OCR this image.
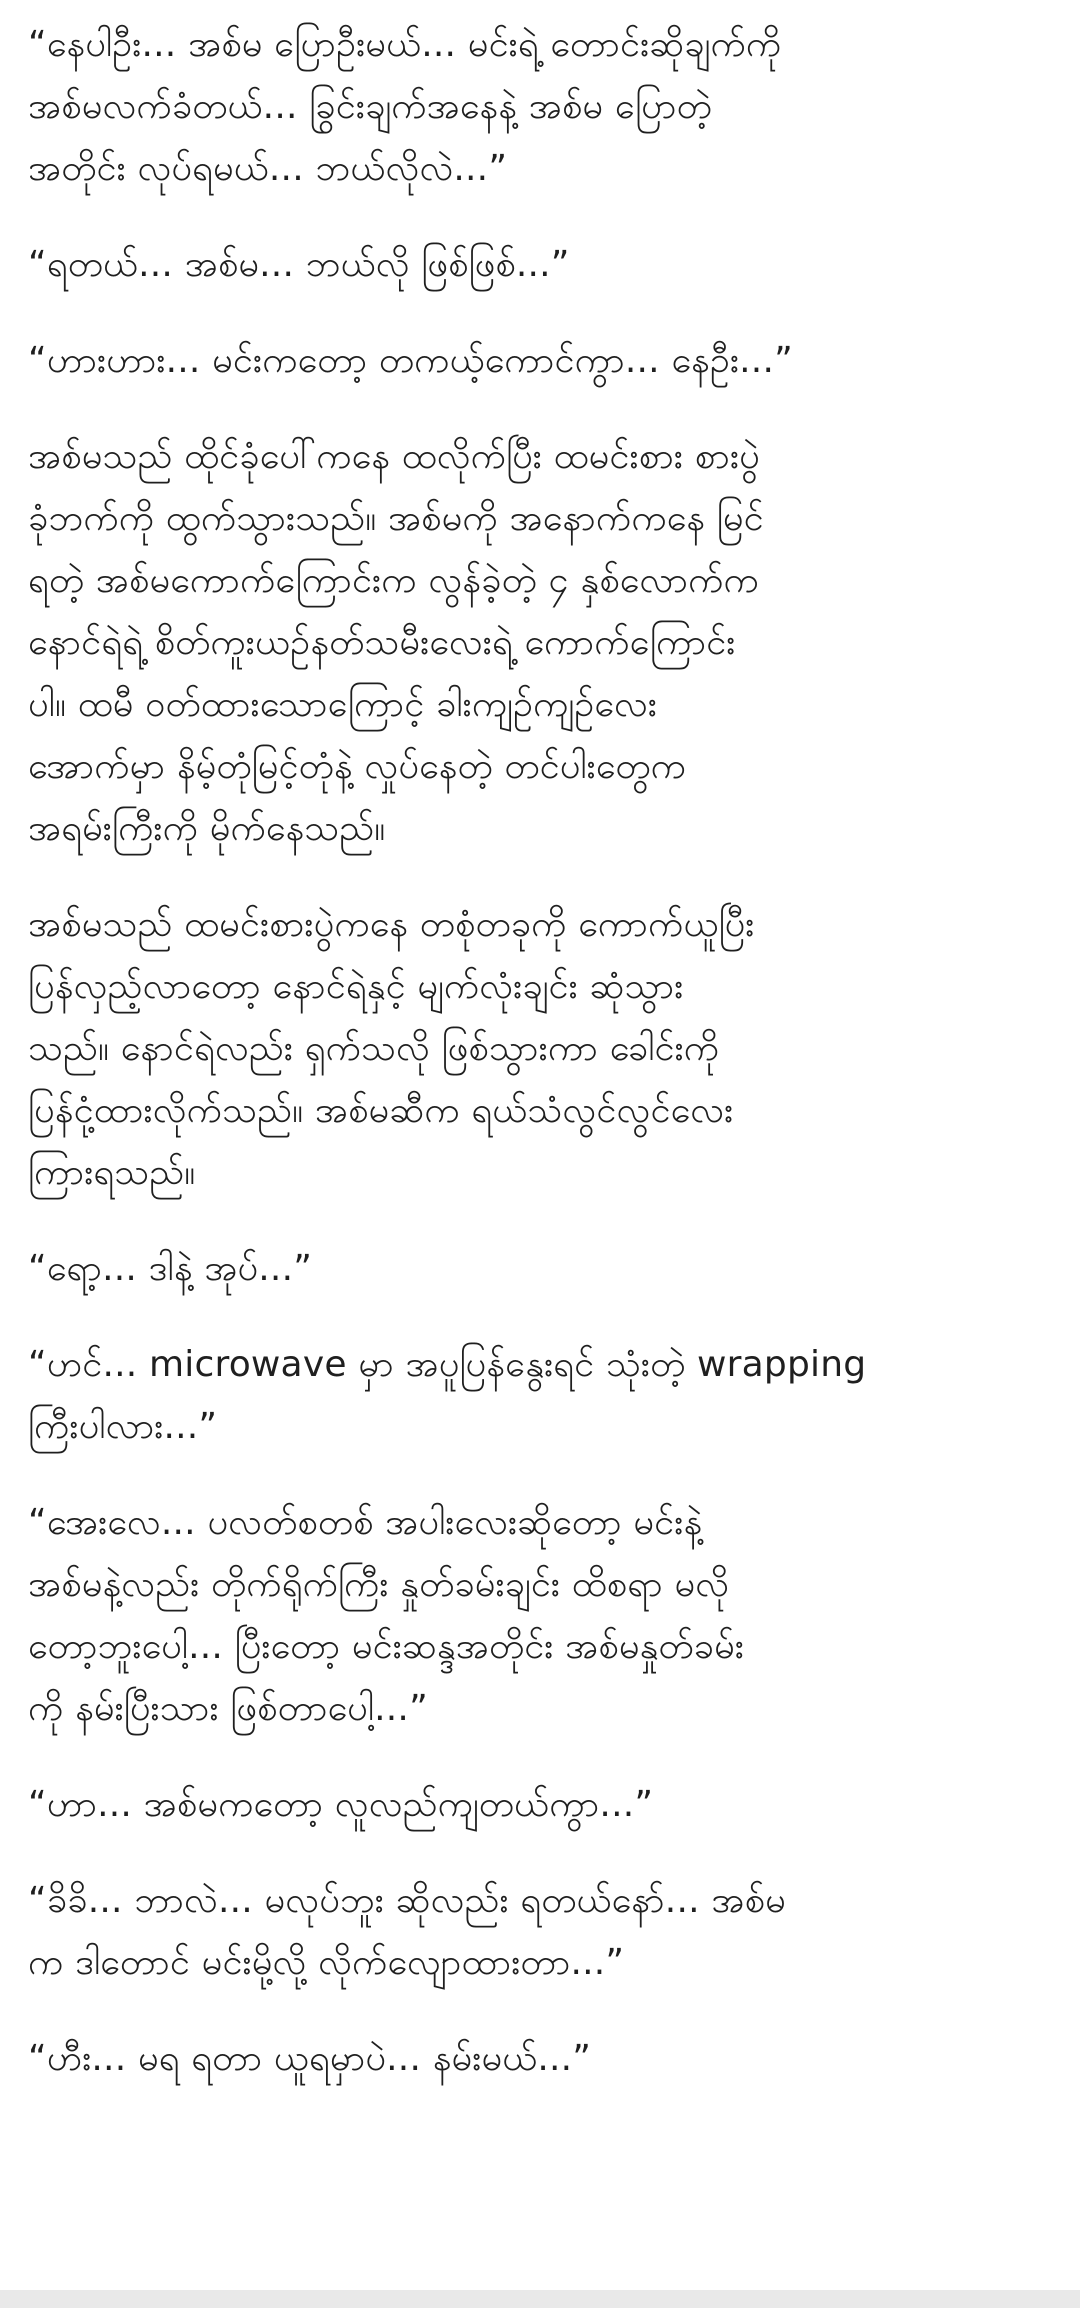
“နေပါဦး... အစ်မ ပြောဦးမယ်... မင်းရဲ့ တောင်းဆိုချက်ကို
အစ်မလက်ခံတယ်... ခြွင်းချက်အနေနဲ့ အစ်မ ပြောတဲ့
အတိုင်း လုပ်ရမယ်... ဘယ်လိုလဲ...”

“ရတယ်... အစ်မ... ဘယ်လို ဖြစ်ဖြစ်...”

“ဟားဟား... မင်းကတော့ တကယ့်ကောင်ကွာ... နေဦး...”

အစ်မသည် ထိုင်ခုံပေါ်ကနေ ထလိုက်ပြီး ထမင်းစား စားပွဲ
ခုံဘက်ကို ထွက်သွားသည်။ အစ်မကို အနောက်ကနေ မြင်
ရတဲ့ အစ်မကောက်ကြောင်းက လွန်ခဲ့တဲ့ ၄ နှစ်လောက်က
နောင်ရဲရဲ့ စိတ်ကူးယဉ်နတ်သမီးလေးရဲ့ ကောက်ကြောင်း
ပါ။ ထမီ ဝတ်ထားသောကြောင့် ခါးကျဉ်ကျဉ်လေး
အောက်မှာ နိမ့်တုံမြင့်တုံနဲ့ လှုပ်နေတဲ့ တင်ပါးတွေက
အရမ်းကြီးကို မိုက်နေသည်။

အစ်မသည် ထမင်းစားပွဲကနေ တစုံတခုကို ကောက်ယူပြီး
ပြန်လှည့်လာတော့ နောင်ရဲနှင့် မျက်လုံးချင်း ဆုံသွား
သည်။ နောင်ရဲလည်း ရှက်သလို ဖြစ်သွားကာ ခေါင်းကို
ပြန်ငုံ့ထားလိုက်သည်။ အစ်မဆီက ရယ်သံလွင်လွင်လေး
ကြားရသည်။

“ရော့... ဒါနဲ့ အုပ်...”

“ဟင်... microwave မှာ အပူပြန်နွေးရင် သုံးတဲ့ wrapping
ကြီးပါလား...”

“အေးလေ... ပလတ်စတစ် အပါးလေးဆိုတော့ မင်းနဲ့
အစ်မနဲ့လည်း တိုက်ရိုက်ကြီး နှုတ်ခမ်းချင်း ထိစရာ မလို
တော့ဘူးပေါ့... ပြီးတော့ မင်းဆန္ဒအတိုင်း အစ်မနှုတ်ခမ်း
ကို နမ်းပြီးသား ဖြစ်တာပေါ့...”

“ဟာ... အစ်မကတော့ လူလည်ကျတယ်ကွာ...”

“ခိခိ... ဘာလဲ... မလုပ်ဘူး ဆိုလည်း ရတယ်နော်... အစ်မ
က ဒါတောင် မင်းမို့လို့ လိုက်လျောထားတာ...”

“ဟီး... မရ ရတာ ယူရမှာပဲ... နမ်းမယ်...”
